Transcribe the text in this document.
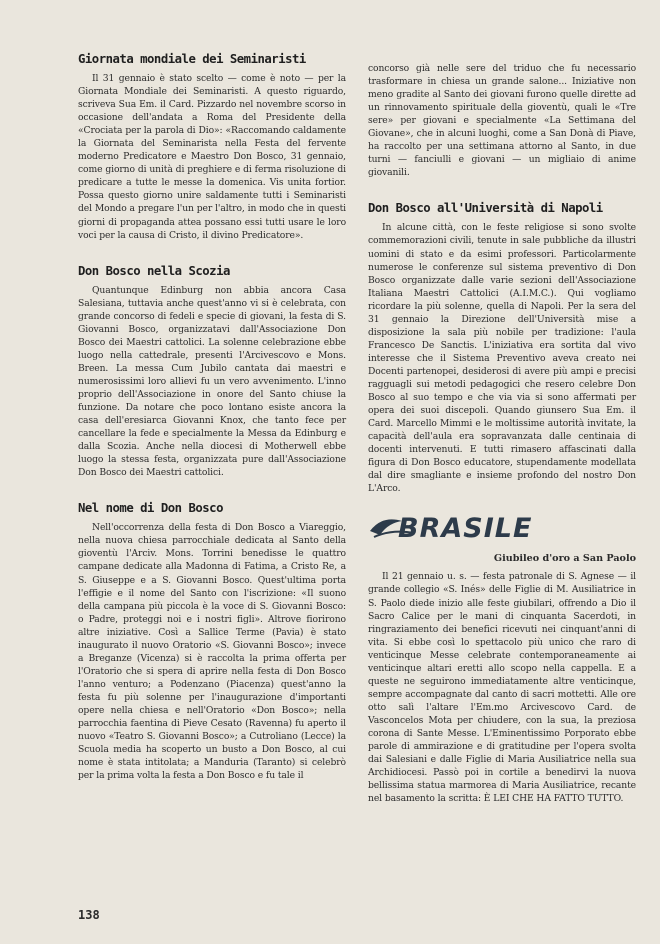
Giornata mondiale dei Seminaristi

Il 31 gennaio è stato scelto — come è noto — per la Giornata Mondiale dei Seminaristi. A questo riguardo, scriveva Sua Em. il Card. Pizzardo nel novembre scorso in occasione dell'andata a Roma del Presidente della «Crociata per la parola di Dio»: «Raccomando caldamente la Giornata del Seminarista nella Festa del fervente moderno Predicatore e Maestro Don Bosco, 31 gennaio, come giorno di unità di preghiere e di ferma risoluzione di predicare a tutte le messe la domenica. Vis unita fortior. Possa questo giorno unire saldamente tutti i Seminaristi del Mondo a pregare l'un per l'altro, in modo che in questi giorni di propaganda attea possano essi tutti usare le loro voci per la causa di Cristo, il divino Predicatore».

Don Bosco nella Scozia

Quantunque Edinburg non abbia ancora Casa Salesiana, tuttavia anche quest'anno vi si è celebrata, con grande concorso di fedeli e specie di giovani, la festa di S. Giovanni Bosco, organizzatavi dall'Associazione Don Bosco dei Maestri cattolici. La solenne celebrazione ebbe luogo nella cattedrale, presenti l'Arcivescovo e Mons. Breen. La messa Cum Jubilo cantata dai maestri e numerosissimi loro allievi fu un vero avvenimento. L'inno proprio dell'Associazione in onore del Santo chiuse la funzione. Da notare che poco lontano esiste ancora la casa dell'eresiarca Giovanni Knox, che tanto fece per cancellare la fede e specialmente la Messa da Edinburg e dalla Scozia. Anche nella diocesi di Motherwell ebbe luogo la stessa festa, organizzata pure dall'Associazione Don Bosco dei Maestri cattolici.

Nel nome di Don Bosco

Nell'occorrenza della festa di Don Bosco a Viareggio, nella nuova chiesa parrocchiale dedicata al Santo della gioventù l'Arciv. Mons. Torrini benedisse le quattro campane dedicate alla Madonna di Fatima, a Cristo Re, a S. Giuseppe e a S. Giovanni Bosco. Quest'ultima porta l'effigie e il nome del Santo con l'iscrizione: «Il suono della campana più piccola è la voce di S. Giovanni Bosco: o Padre, proteggi noi e i nostri figli». Altrove fiorirono altre iniziative. Così a Sallice Terme (Pavia) è stato inaugurato il nuovo Oratorio «S. Giovanni Bosco»; invece a Breganze (Vicenza) si è raccolta la prima offerta per l'Oratorio che si spera di aprire nella festa di Don Bosco l'anno venturo; a Podenzano (Piacenza) quest'anno la festa fu più solenne per l'inaugurazione d'importanti opere nella chiesa e nell'Oratorio «Don Bosco»; nella parrocchia faentina di Pieve Cesato (Ravenna) fu aperto il nuovo «Teatro S. Giovanni Bosco»; a Cutroliano (Lecce) la Scuola media ha scoperto un busto a Don Bosco, al cui nome è stata intitolata; a Manduria (Taranto) si celebrò per la prima volta la festa a Don Bosco e fu tale il

concorso già nelle sere del triduo che fu necessario trasformare in chiesa un grande salone... Iniziative non meno gradite al Santo dei giovani furono quelle dirette ad un rinnovamento spirituale della gioventù, quali le «Tre sere» per giovani e specialmente «La Settimana del Giovane», che in alcuni luoghi, come a San Donà di Piave, ha raccolto per una settimana attorno al Santo, in due turni — fanciulli e giovani — un migliaio di anime giovanili.

Don Bosco all'Università di Napoli

In alcune città, con le feste religiose si sono svolte commemorazioni civili, tenute in sale pubbliche da illustri uomini di stato e da esimi professori. Particolarmente numerose le conferenze sul sistema preventivo di Don Bosco organizzate dalle varie sezioni dell'Associazione Italiana Maestri Cattolici (A.I.M.C.). Qui vogliamo ricordare la più solenne, quella di Napoli. Per la sera del 31 gennaio la Direzione dell'Università mise a disposizione la sala più nobile per tradizione: l'aula Francesco De Sanctis. L'iniziativa era sortita dal vivo interesse che il Sistema Preventivo aveva creato nei Docenti partenopei, desiderosi di avere più ampi e precisi ragguagli sui metodi pedagogici che resero celebre Don Bosco al suo tempo e che via via si sono affermati per opera dei suoi discepoli. Quando giunsero Sua Em. il Card. Marcello Mimmi e le moltissime autorità invitate, la capacità dell'aula era sopravanzata dalle centinaia di docenti intervenuti. E tutti rimasero affascinati dalla figura di Don Bosco educatore, stupendamente modellata dal dire smagliante e insieme profondo del nostro Don L'Arco.

BRASILE

Giubileo d'oro a San Paolo

Il 21 gennaio u. s. — festa patronale di S. Agnese — il grande collegio «S. Inés» delle Figlie di M. Ausiliatrice in S. Paolo diede inizio alle feste giubilari, offrendo a Dio il Sacro Calice per le mani di cinquanta Sacerdoti, in ringraziamento dei benefici ricevuti nei cinquant'anni di vita. Si ebbe così lo spettacolo più unico che raro di venticinque Messe celebrate contemporaneamente ai venticinque altari eretti allo scopo nella cappella. E a queste ne seguirono immediatamente altre venticinque, sempre accompagnate dal canto di sacri mottetti. Alle ore otto salì l'altare l'Em.mo Arcivescovo Card. de Vasconcelos Mota per chiudere, con la sua, la preziosa corona di Sante Messe. L'Eminentissimo Porporato ebbe parole di ammirazione e di gratitudine per l'opera svolta dai Salesiani e dalle Figlie di Maria Ausiliatrice nella sua Archidiocesi. Passò poi in cortile a benedirvi la nuova bellissima statua marmorea di Maria Ausiliatrice, recante nel basamento la scritta: È LEI CHE HA FATTO TUTTO.

138
